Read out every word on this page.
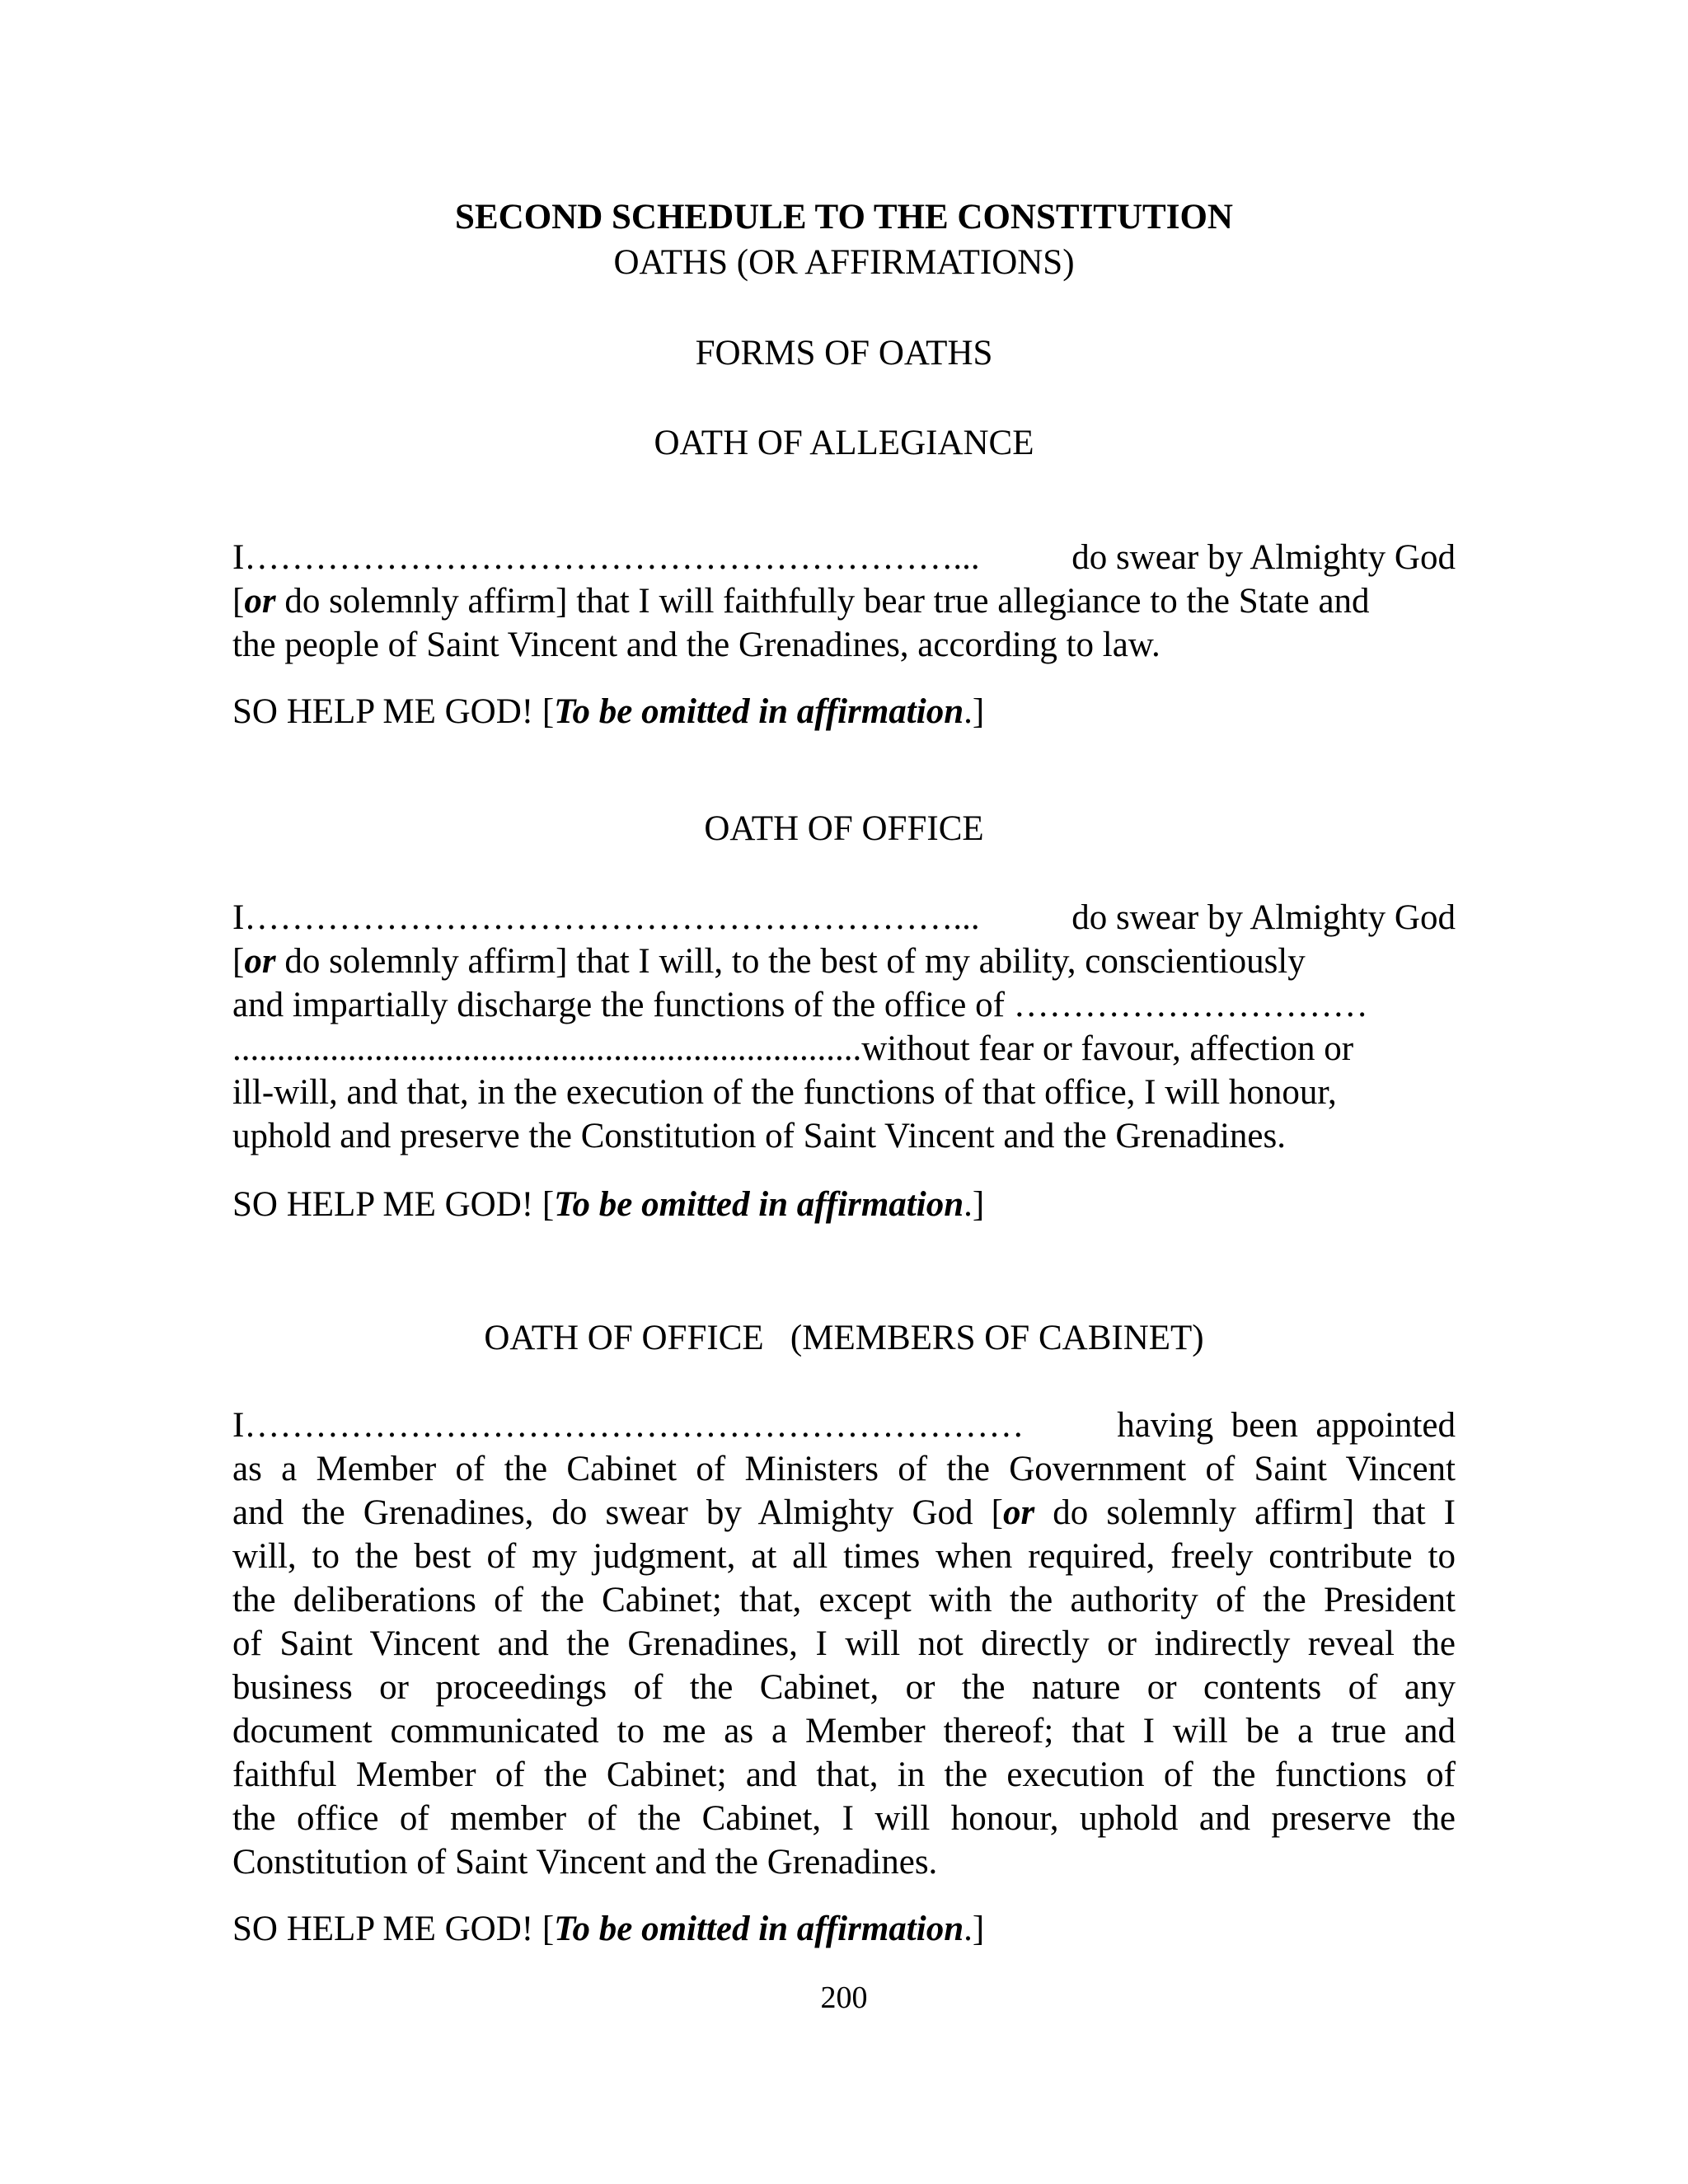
SECOND SCHEDULE TO THE CONSTITUTION

OATHS (OR AFFIRMATIONS)

FORMS OF OATHS

OATH OF ALLEGIANCE

I……………………………………………………...	do swear by Almighty God

[or do solemnly affirm] that I will faithfully bear true allegiance to the State and

the people of Saint Vincent and the Grenadines, according to law.

SO HELP ME GOD! [To be omitted in affirmation.]

OATH OF OFFICE

I……………………………………………………...	do swear by Almighty God

[or do solemnly affirm] that I will, to the best of my ability, conscientiously

and impartially discharge the functions of the office of …………………………

.......................................................................without fear or favour, affection or

ill-will, and that, in the execution of the functions of that office, I will honour,

uphold and preserve the Constitution of Saint Vincent and the Grenadines.

SO HELP ME GOD! [To be omitted in affirmation.]

OATH OF OFFICE   (MEMBERS OF CABINET)

I…………………………………………………………	having  been  appointed

as a Member of the Cabinet of Ministers of the Government of Saint Vincent

and the Grenadines, do swear by Almighty God [or do solemnly affirm] that I

will, to the best of my judgment, at all times when required, freely contribute to

the deliberations of the Cabinet; that, except with the authority of the President

of Saint Vincent and the Grenadines, I will not directly or indirectly reveal the

business or proceedings of the Cabinet, or the nature or contents of any

document communicated to me as a Member thereof; that I will be a true and

faithful Member of the Cabinet; and that, in the execution of the functions of

the office of member of the Cabinet, I will honour, uphold and preserve the

Constitution of Saint Vincent and the Grenadines.

SO HELP ME GOD! [To be omitted in affirmation.]

200
